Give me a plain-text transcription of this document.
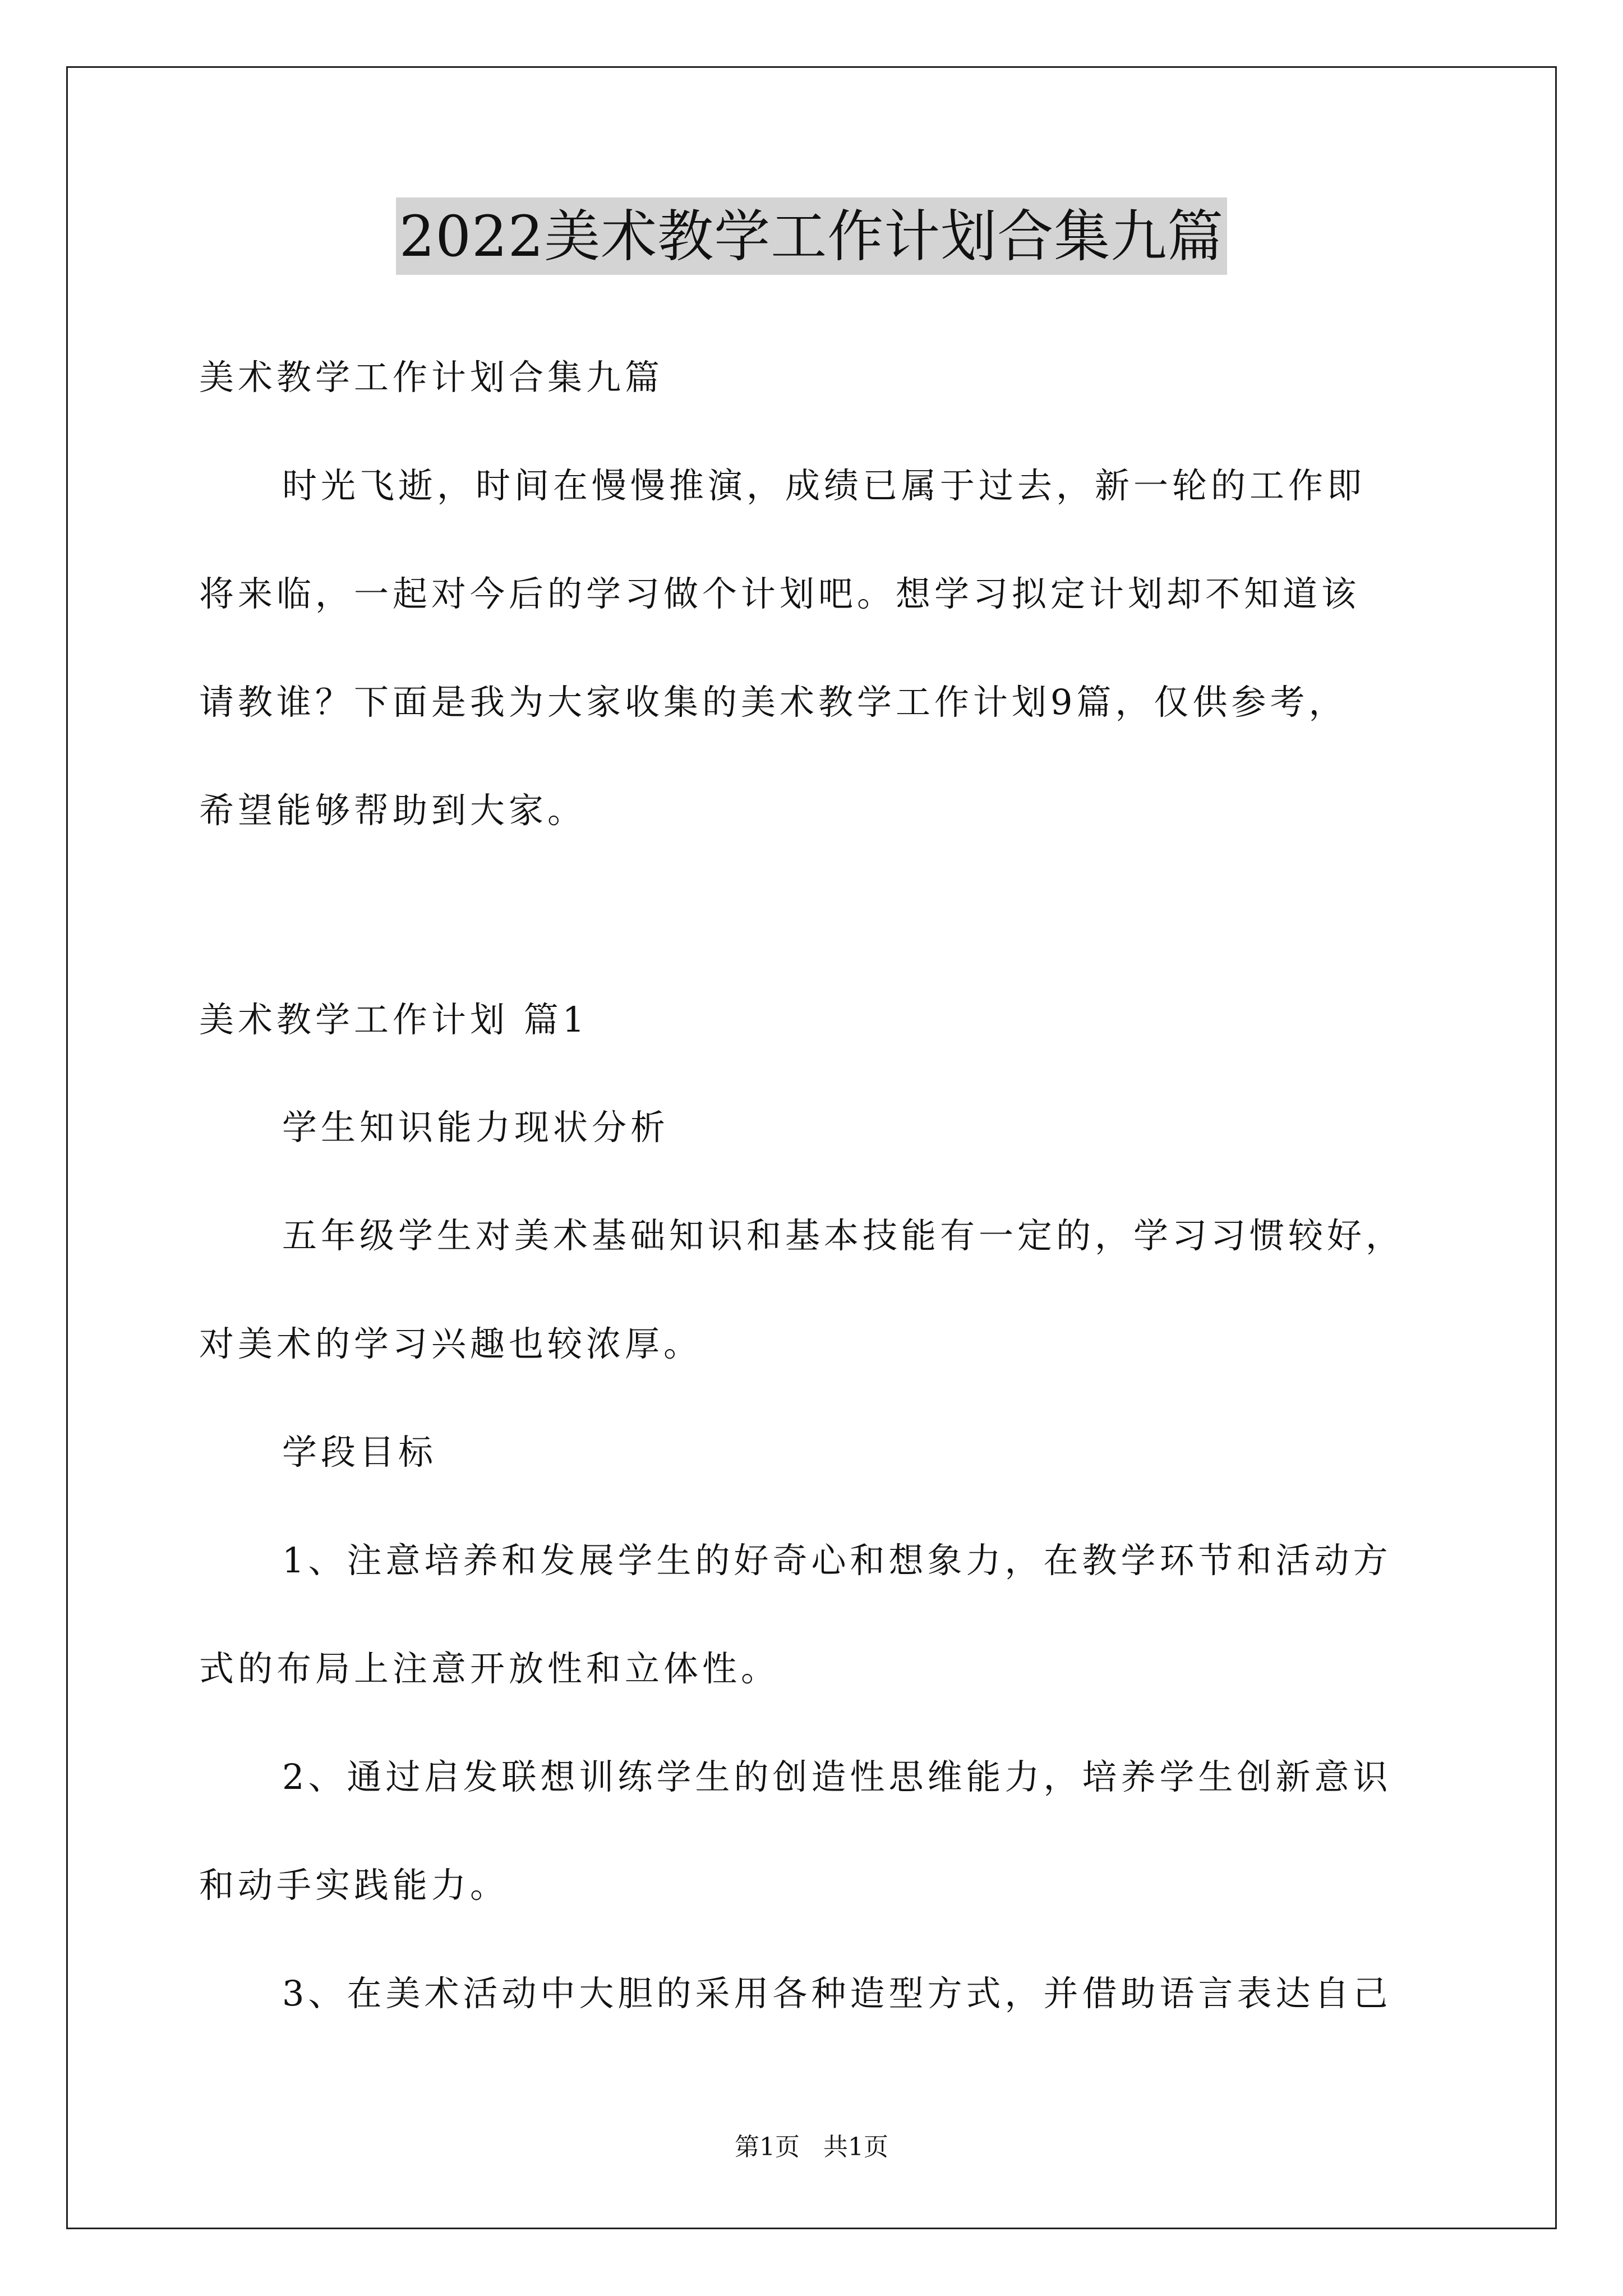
2022美术教学工作计划合集九篇
美术教学工作计划合集九篇
时光飞逝，时间在慢慢推演，成绩已属于过去，新一轮的工作即
将来临，一起对今后的学习做个计划吧。想学习拟定计划却不知道该
请教谁？下面是我为大家收集的美术教学工作计划9篇，仅供参考，
希望能够帮助到大家。
美术教学工作计划 篇1
学生知识能力现状分析
五年级学生对美术基础知识和基本技能有一定的，学习习惯较好，
对美术的学习兴趣也较浓厚。
学段目标
1、注意培养和发展学生的好奇心和想象力，在教学环节和活动方
式的布局上注意开放性和立体性。
2、通过启发联想训练学生的创造性思维能力，培养学生创新意识
和动手实践能力。
3、在美术活动中大胆的采用各种造型方式，并借助语言表达自己
第1页 共1页
